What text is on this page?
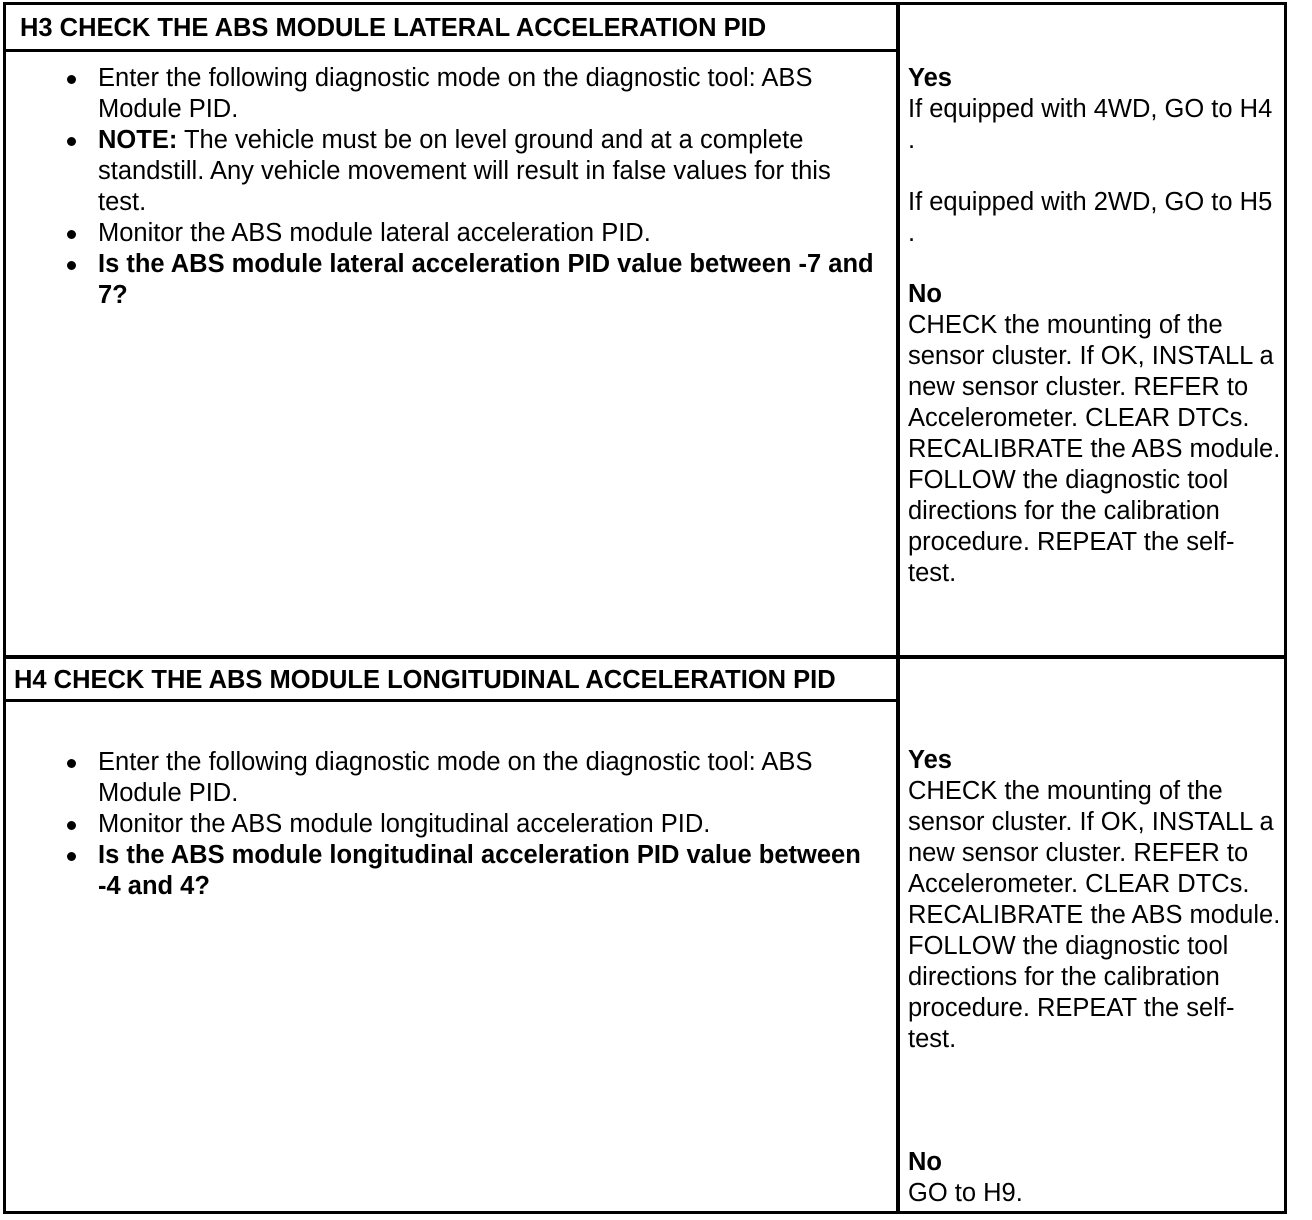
H3 CHECK THE ABS MODULE LATERAL ACCELERATION PID
Enter the following diagnostic mode on the diagnostic tool: ABS Module PID.
NOTE: The vehicle must be on level ground and at a complete standstill. Any vehicle movement will result in false values for this test.
Monitor the ABS module lateral acceleration PID.
Is the ABS module lateral acceleration PID value between -7 and 7?
Yes
If equipped with 4WD, GO to H4 .
If equipped with 2WD, GO to H5 .
No
CHECK the mounting of the sensor cluster. If OK, INSTALL a new sensor cluster. REFER to Accelerometer. CLEAR DTCs. RECALIBRATE the ABS module. FOLLOW the diagnostic tool directions for the calibration procedure. REPEAT the self-test.
H4 CHECK THE ABS MODULE LONGITUDINAL ACCELERATION PID
Enter the following diagnostic mode on the diagnostic tool: ABS Module PID.
Monitor the ABS module longitudinal acceleration PID.
Is the ABS module longitudinal acceleration PID value between -4 and 4?
Yes
CHECK the mounting of the sensor cluster. If OK, INSTALL a new sensor cluster. REFER to Accelerometer. CLEAR DTCs. RECALIBRATE the ABS module. FOLLOW the diagnostic tool directions for the calibration procedure. REPEAT the self-test.
No
GO to H9.
